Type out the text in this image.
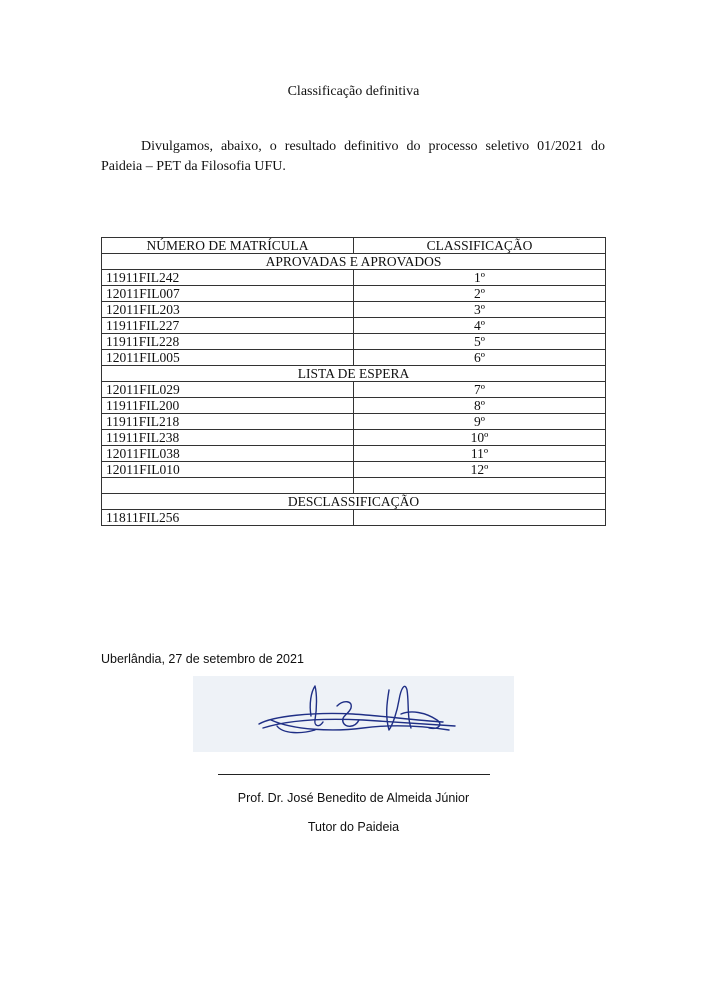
Classificação definitiva
Divulgamos, abaixo, o resultado definitivo do processo seletivo 01/2021 do Paideia – PET da Filosofia UFU.
NÚMERO DE MATRÍCULA	CLASSIFICAÇÃO
APROVADAS E APROVADOS	
11911FIL242	1º
12011FIL007	2º
12011FIL203	3º
11911FIL227	4º
11911FIL228	5º
12011FIL005	6º
LISTA DE ESPERA	
12011FIL029	7º
11911FIL200	8º
11911FIL218	9º
11911FIL238	10º
12011FIL038	11º
12011FIL010	12º

DESCLASSIFICAÇÃO	
11811FIL256	
Uberlândia, 27 de setembro de 2021
Prof. Dr. José Benedito de Almeida Júnior
Tutor do Paideia
